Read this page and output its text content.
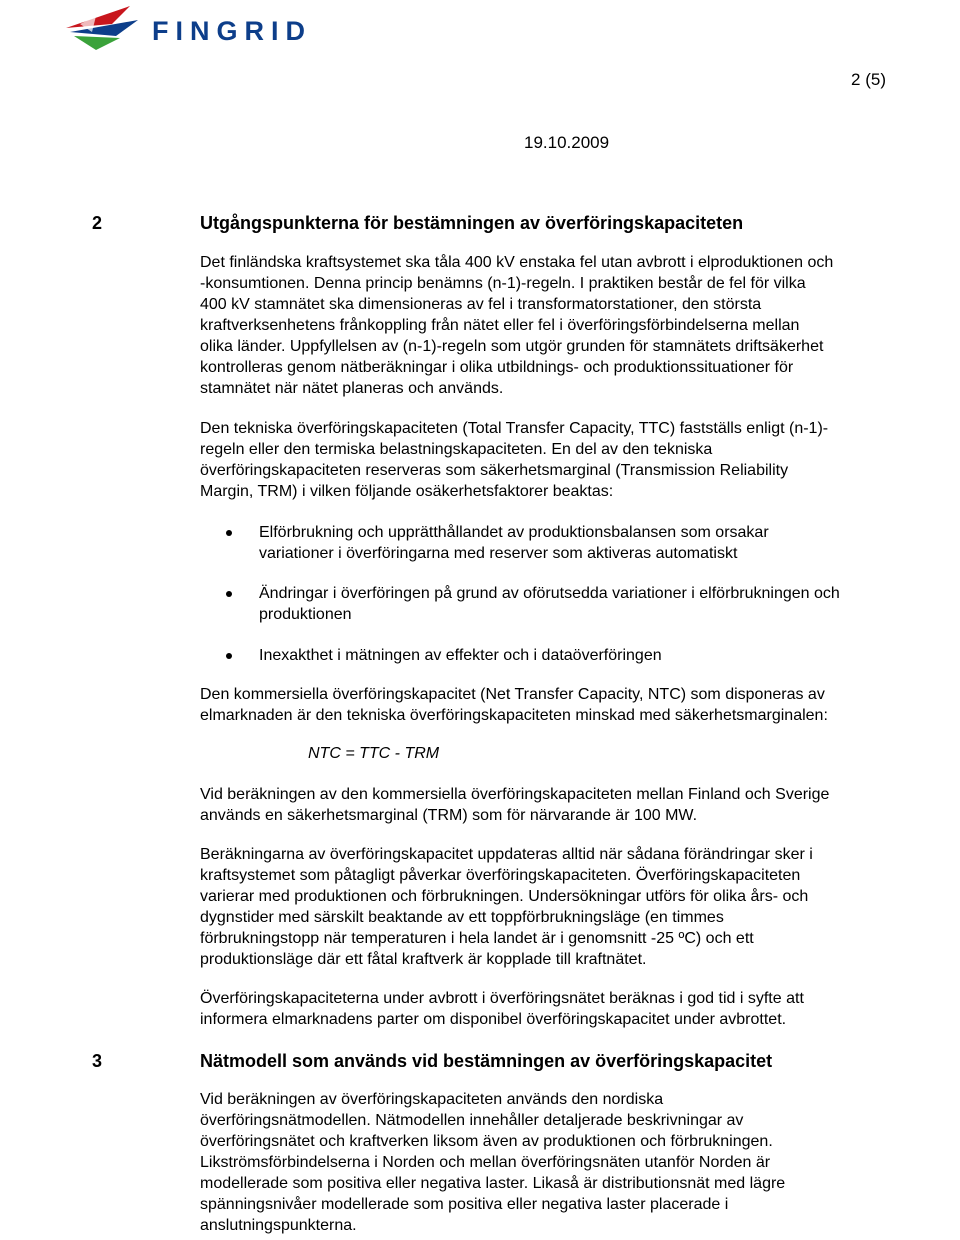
FINGRID
2 (5)
19.10.2009
2	Utgångspunkterna för bestämningen av överföringskapaciteten
Det finländska kraftsystemet ska tåla 400 kV enstaka fel utan avbrott i elproduktionen och
-konsumtionen. Denna princip benämns (n-1)-regeln. I praktiken består de fel för vilka
400 kV stamnätet ska dimensioneras av fel i transformatorstationer, den största
kraftverksenhetens frånkoppling från nätet eller fel i överföringsförbindelserna mellan
olika länder. Uppfyllelsen av (n-1)-regeln som utgör grunden för stamnätets driftsäkerhet
kontrolleras genom nätberäkningar i olika utbildnings- och produktionssituationer för
stamnätet när nätet planeras och används.
Den tekniska överföringskapaciteten (Total Transfer Capacity, TTC) fastställs enligt (n-1)-
regeln eller den termiska belastningskapaciteten. En del av den tekniska
överföringskapaciteten reserveras som säkerhetsmarginal (Transmission Reliability
Margin, TRM) i vilken följande osäkerhetsfaktorer beaktas:
Elförbrukning och upprätthållandet av produktionsbalansen som orsakar
variationer i överföringarna med reserver som aktiveras automatiskt
Ändringar i överföringen på grund av oförutsedda variationer i elförbrukningen och
produktionen
Inexakthet i mätningen av effekter och i dataöverföringen
Den kommersiella överföringskapacitet (Net Transfer Capacity, NTC) som disponeras av
elmarknaden är den tekniska överföringskapaciteten minskad med säkerhetsmarginalen:
NTC = TTC - TRM
Vid beräkningen av den kommersiella överföringskapaciteten mellan Finland och Sverige
används en säkerhetsmarginal (TRM) som för närvarande är 100 MW.
Beräkningarna av överföringskapacitet uppdateras alltid när sådana förändringar sker i
kraftsystemet som påtagligt påverkar överföringskapaciteten. Överföringskapaciteten
varierar med produktionen och förbrukningen. Undersökningar utförs för olika års- och
dygnstider med särskilt beaktande av ett toppförbrukningsläge (en timmes
förbrukningstopp när temperaturen i hela landet är i genomsnitt -25 ºC) och ett
produktionsläge där ett fåtal kraftverk är kopplade till kraftnätet.
Överföringskapaciteterna under avbrott i överföringsnätet beräknas i god tid i syfte att
informera elmarknadens parter om disponibel överföringskapacitet under avbrottet.
3	Nätmodell som används vid bestämningen av överföringskapacitet
Vid beräkningen av överföringskapaciteten används den nordiska
överföringsnätmodellen. Nätmodellen innehåller detaljerade beskrivningar av
överföringsnätet och kraftverken liksom även av produktionen och förbrukningen.
Likströmsförbindelserna i Norden och mellan överföringsnäten utanför Norden är
modellerade som positiva eller negativa laster. Likaså är distributionsnät med lägre
spänningsnivåer modellerade som positiva eller negativa laster placerade i
anslutningspunkterna.
